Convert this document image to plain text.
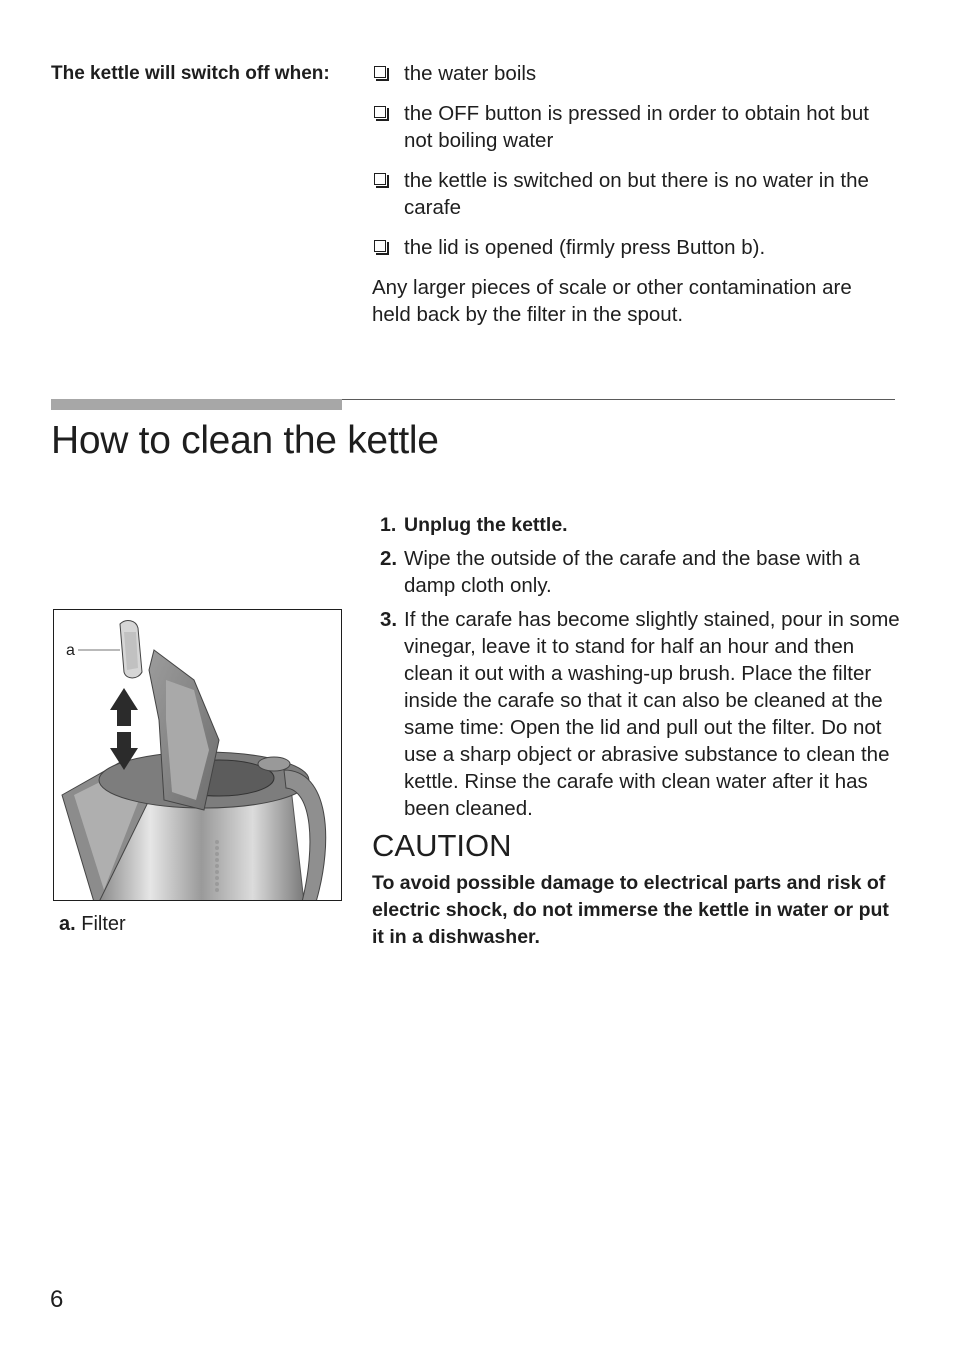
The kettle will switch off when:	the water boils
the OFF button is pressed in order to obtain hot but not boiling water
the kettle is switched on but there is no water in the carafe
the lid is opened (firmly press Button b).
Any larger pieces of scale or other contamination are held back by the filter in the spout.
How to clean the kettle
a
a. Filter
1. Unplug the kettle.
2. Wipe the outside of the carafe and the base with a damp cloth only.
3. If the carafe has become slightly stained, pour in some vinegar, leave it to stand for half an hour and then clean it out with a washing-up brush. Place the filter inside the carafe so that it can also be cleaned at the same time: Open the lid and pull out the filter. Do not use a sharp object or abrasive substance to clean the kettle. Rinse the carafe with clean water after it has been cleaned.
CAUTION
To avoid possible damage to electrical parts and risk of electric shock, do not immerse the kettle in water or put it in a dishwasher.
6
